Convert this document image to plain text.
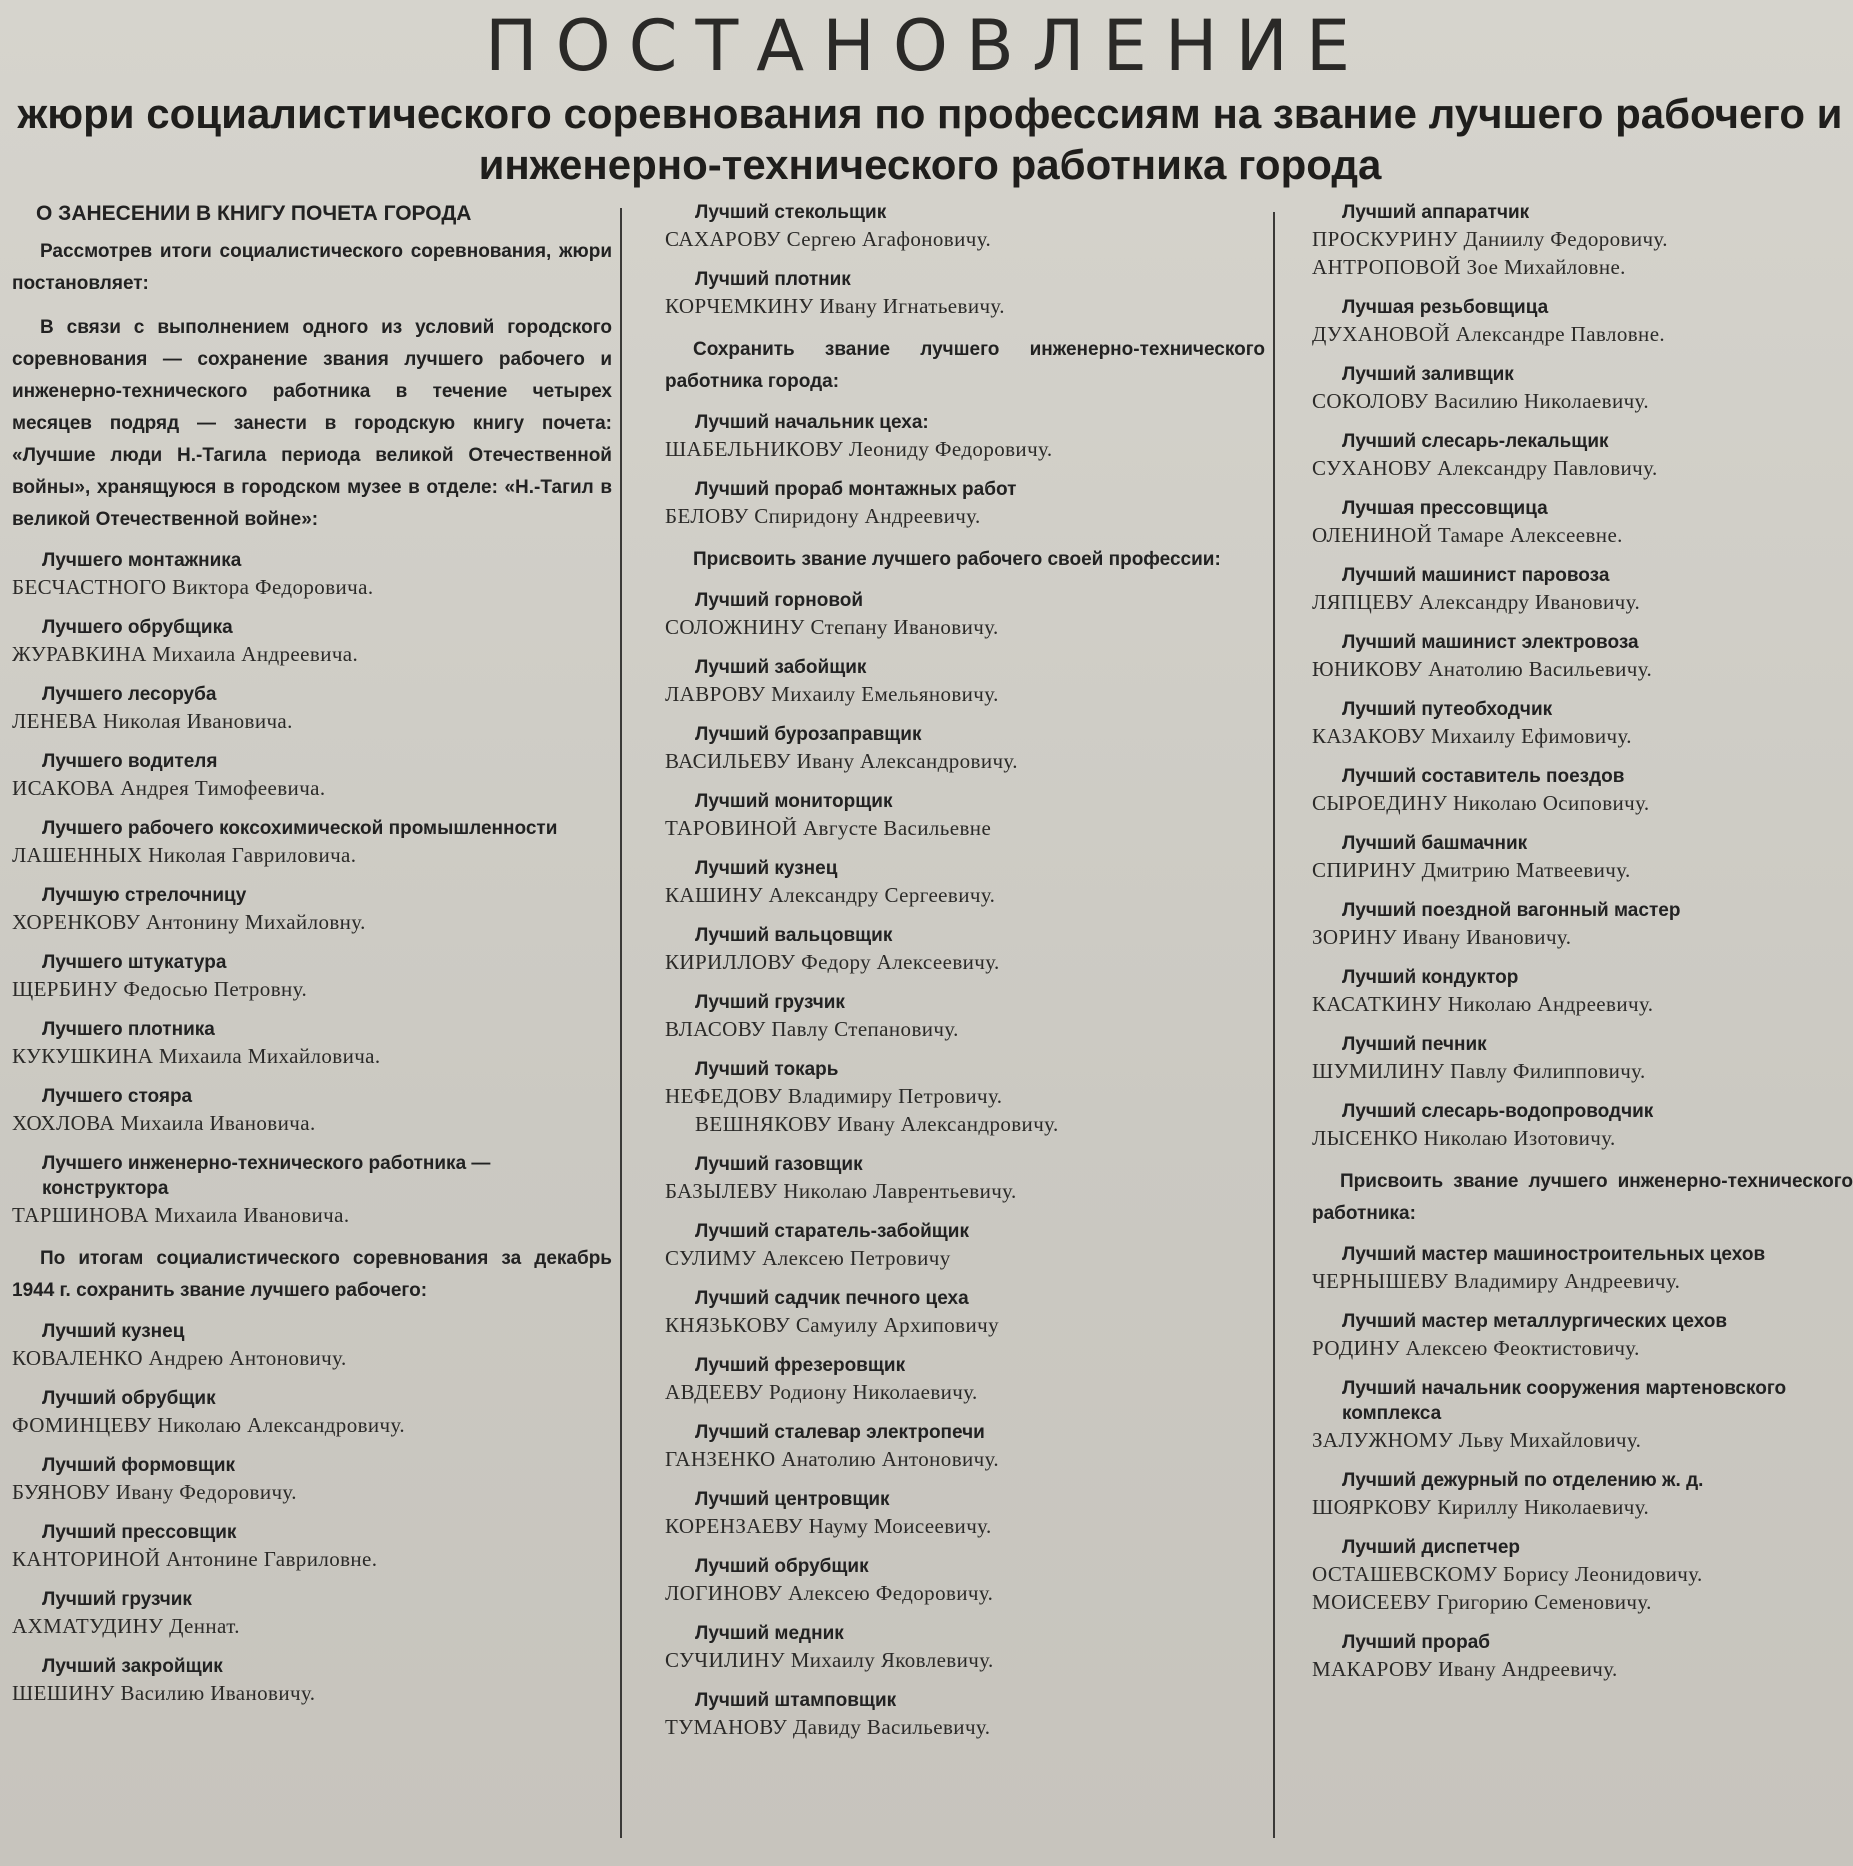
ПОСТАНОВЛЕНИЕ

жюри социалистического соревнования по профессиям на звание лучшего рабочего и инженерно-технического работника города

О ЗАНЕСЕНИИ В КНИГУ ПОЧЕТА ГОРОДА

Рассмотрев итоги социалистического соревнования, жюри постановляет:

В связи с выполнением одного из условий городского соревнования — сохранение звания лучшего рабочего и инженерно-технического работника в течение четырех месяцев подряд — занести в городскую книгу почета: «Лучшие люди Н.-Тагила периода великой Отечественной войны», хранящуюся в городском музее в отделе: «Н.-Тагил в великой Отечественной войне»:

Лучшего монтажника

БЕСЧАСТНОГО Виктора Федоровича.

Лучшего обрубщика

ЖУРАВКИНА Михаила Андреевича.

Лучшего лесоруба

ЛЕНЕВА Николая Ивановича.

Лучшего водителя

ИСАКОВА Андрея Тимофеевича.

Лучшего рабочего коксохимической промышленности

ЛАШЕННЫХ Николая Гавриловича.

Лучшую стрелочницу

ХОРЕНКОВУ Антонину Михайловну.

Лучшего штукатура

ЩЕРБИНУ Федосью Петровну.

Лучшего плотника

КУКУШКИНА Михаила Михайловича.

Лучшего стояра

ХОХЛОВА Михаила Ивановича.

Лучшего инженерно-технического работника — конструктора

ТАРШИНОВА Михаила Ивановича.

По итогам социалистического соревнования за декабрь 1944 г. сохранить звание лучшего рабочего:

Лучший кузнец

КОВАЛЕНКО Андрею Антоновичу.

Лучший обрубщик

ФОМИНЦЕВУ Николаю Александровичу.

Лучший формовщик

БУЯНОВУ Ивану Федоровичу.

Лучший прессовщик

КАНТОРИНОЙ Антонине Гавриловне.

Лучший грузчик

АХМАТУДИНУ Деннат.

Лучший закройщик

ШЕШИНУ Василию Ивановичу.

Лучший стекольщик

САХАРОВУ Сергею Агафоновичу.

Лучший плотник

КОРЧЕМКИНУ Ивану Игнатьевичу.

Сохранить звание лучшего инженерно-технического работника города:

Лучший начальник цеха:

ШАБЕЛЬНИКОВУ Леониду Федоровичу.

Лучший прораб монтажных работ

БЕЛОВУ Спиридону Андреевичу.

Присвоить звание лучшего рабочего своей профессии:

Лучший горновой

СОЛОЖНИНУ Степану Ивановичу.

Лучший забойщик

ЛАВРОВУ Михаилу Емельяновичу.

Лучший бурозаправщик

ВАСИЛЬЕВУ Ивану Александровичу.

Лучший мониторщик

ТАРОВИНОЙ Августе Васильевне

Лучший кузнец

КАШИНУ Александру Сергеевичу.

Лучший вальцовщик

КИРИЛЛОВУ Федору Алексеевичу.

Лучший грузчик

ВЛАСОВУ Павлу Степановичу.

Лучший токарь

НЕФЕДОВУ Владимиру Петровичу.

ВЕШНЯКОВУ Ивану Александровичу.

Лучший газовщик

БАЗЫЛЕВУ Николаю Лаврентьевичу.

Лучший старатель-забойщик

СУЛИМУ Алексею Петровичу

Лучший садчик печного цеха

КНЯЗЬКОВУ Самуилу Архиповичу

Лучший фрезеровщик

АВДЕЕВУ Родиону Николаевичу.

Лучший сталевар электропечи

ГАНЗЕНКО Анатолию Антоновичу.

Лучший центровщик

КОРЕНЗАЕВУ Науму Моисеевичу.

Лучший обрубщик

ЛОГИНОВУ Алексею Федоровичу.

Лучший медник

СУЧИЛИНУ Михаилу Яковлевичу.

Лучший штамповщик

ТУМАНОВУ Давиду Васильевичу.

Лучший аппаратчик

ПРОСКУРИНУ Даниилу Федоровичу.

АНТРОПОВОЙ Зое Михайловне.

Лучшая резьбовщица

ДУХАНОВОЙ Александре Павловне.

Лучший заливщик

СОКОЛОВУ Василию Николаевичу.

Лучший слесарь-лекальщик

СУХАНОВУ Александру Павловичу.

Лучшая прессовщица

ОЛЕНИНОЙ Тамаре Алексеевне.

Лучший машинист паровоза

ЛЯПЦЕВУ Александру Ивановичу.

Лучший машинист электровоза

ЮНИКОВУ Анатолию Васильевичу.

Лучший путеобходчик

КАЗАКОВУ Михаилу Ефимовичу.

Лучший составитель поездов

СЫРОЕДИНУ Николаю Осиповичу.

Лучший башмачник

СПИРИНУ Дмитрию Матвеевичу.

Лучший поездной вагонный мастер

ЗОРИНУ Ивану Ивановичу.

Лучший кондуктор

КАСАТКИНУ Николаю Андреевичу.

Лучший печник

ШУМИЛИНУ Павлу Филипповичу.

Лучший слесарь-водопроводчик

ЛЫСЕНКО Николаю Изотовичу.

Присвоить звание лучшего инженерно-технического работника:

Лучший мастер машиностроительных цехов

ЧЕРНЫШЕВУ Владимиру Андреевичу.

Лучший мастер металлургических цехов

РОДИНУ Алексею Феоктистовичу.

Лучший начальник сооружения мартеновского комплекса

ЗАЛУЖНОМУ Льву Михайловичу.

Лучший дежурный по отделению ж. д.

ШОЯРКОВУ Кириллу Николаевичу.

Лучший диспетчер

ОСТАШЕВСКОМУ Борису Леонидовичу.

МОИСЕЕВУ Григорию Семеновичу.

Лучший прораб

МАКАРОВУ Ивану Андреевичу.
